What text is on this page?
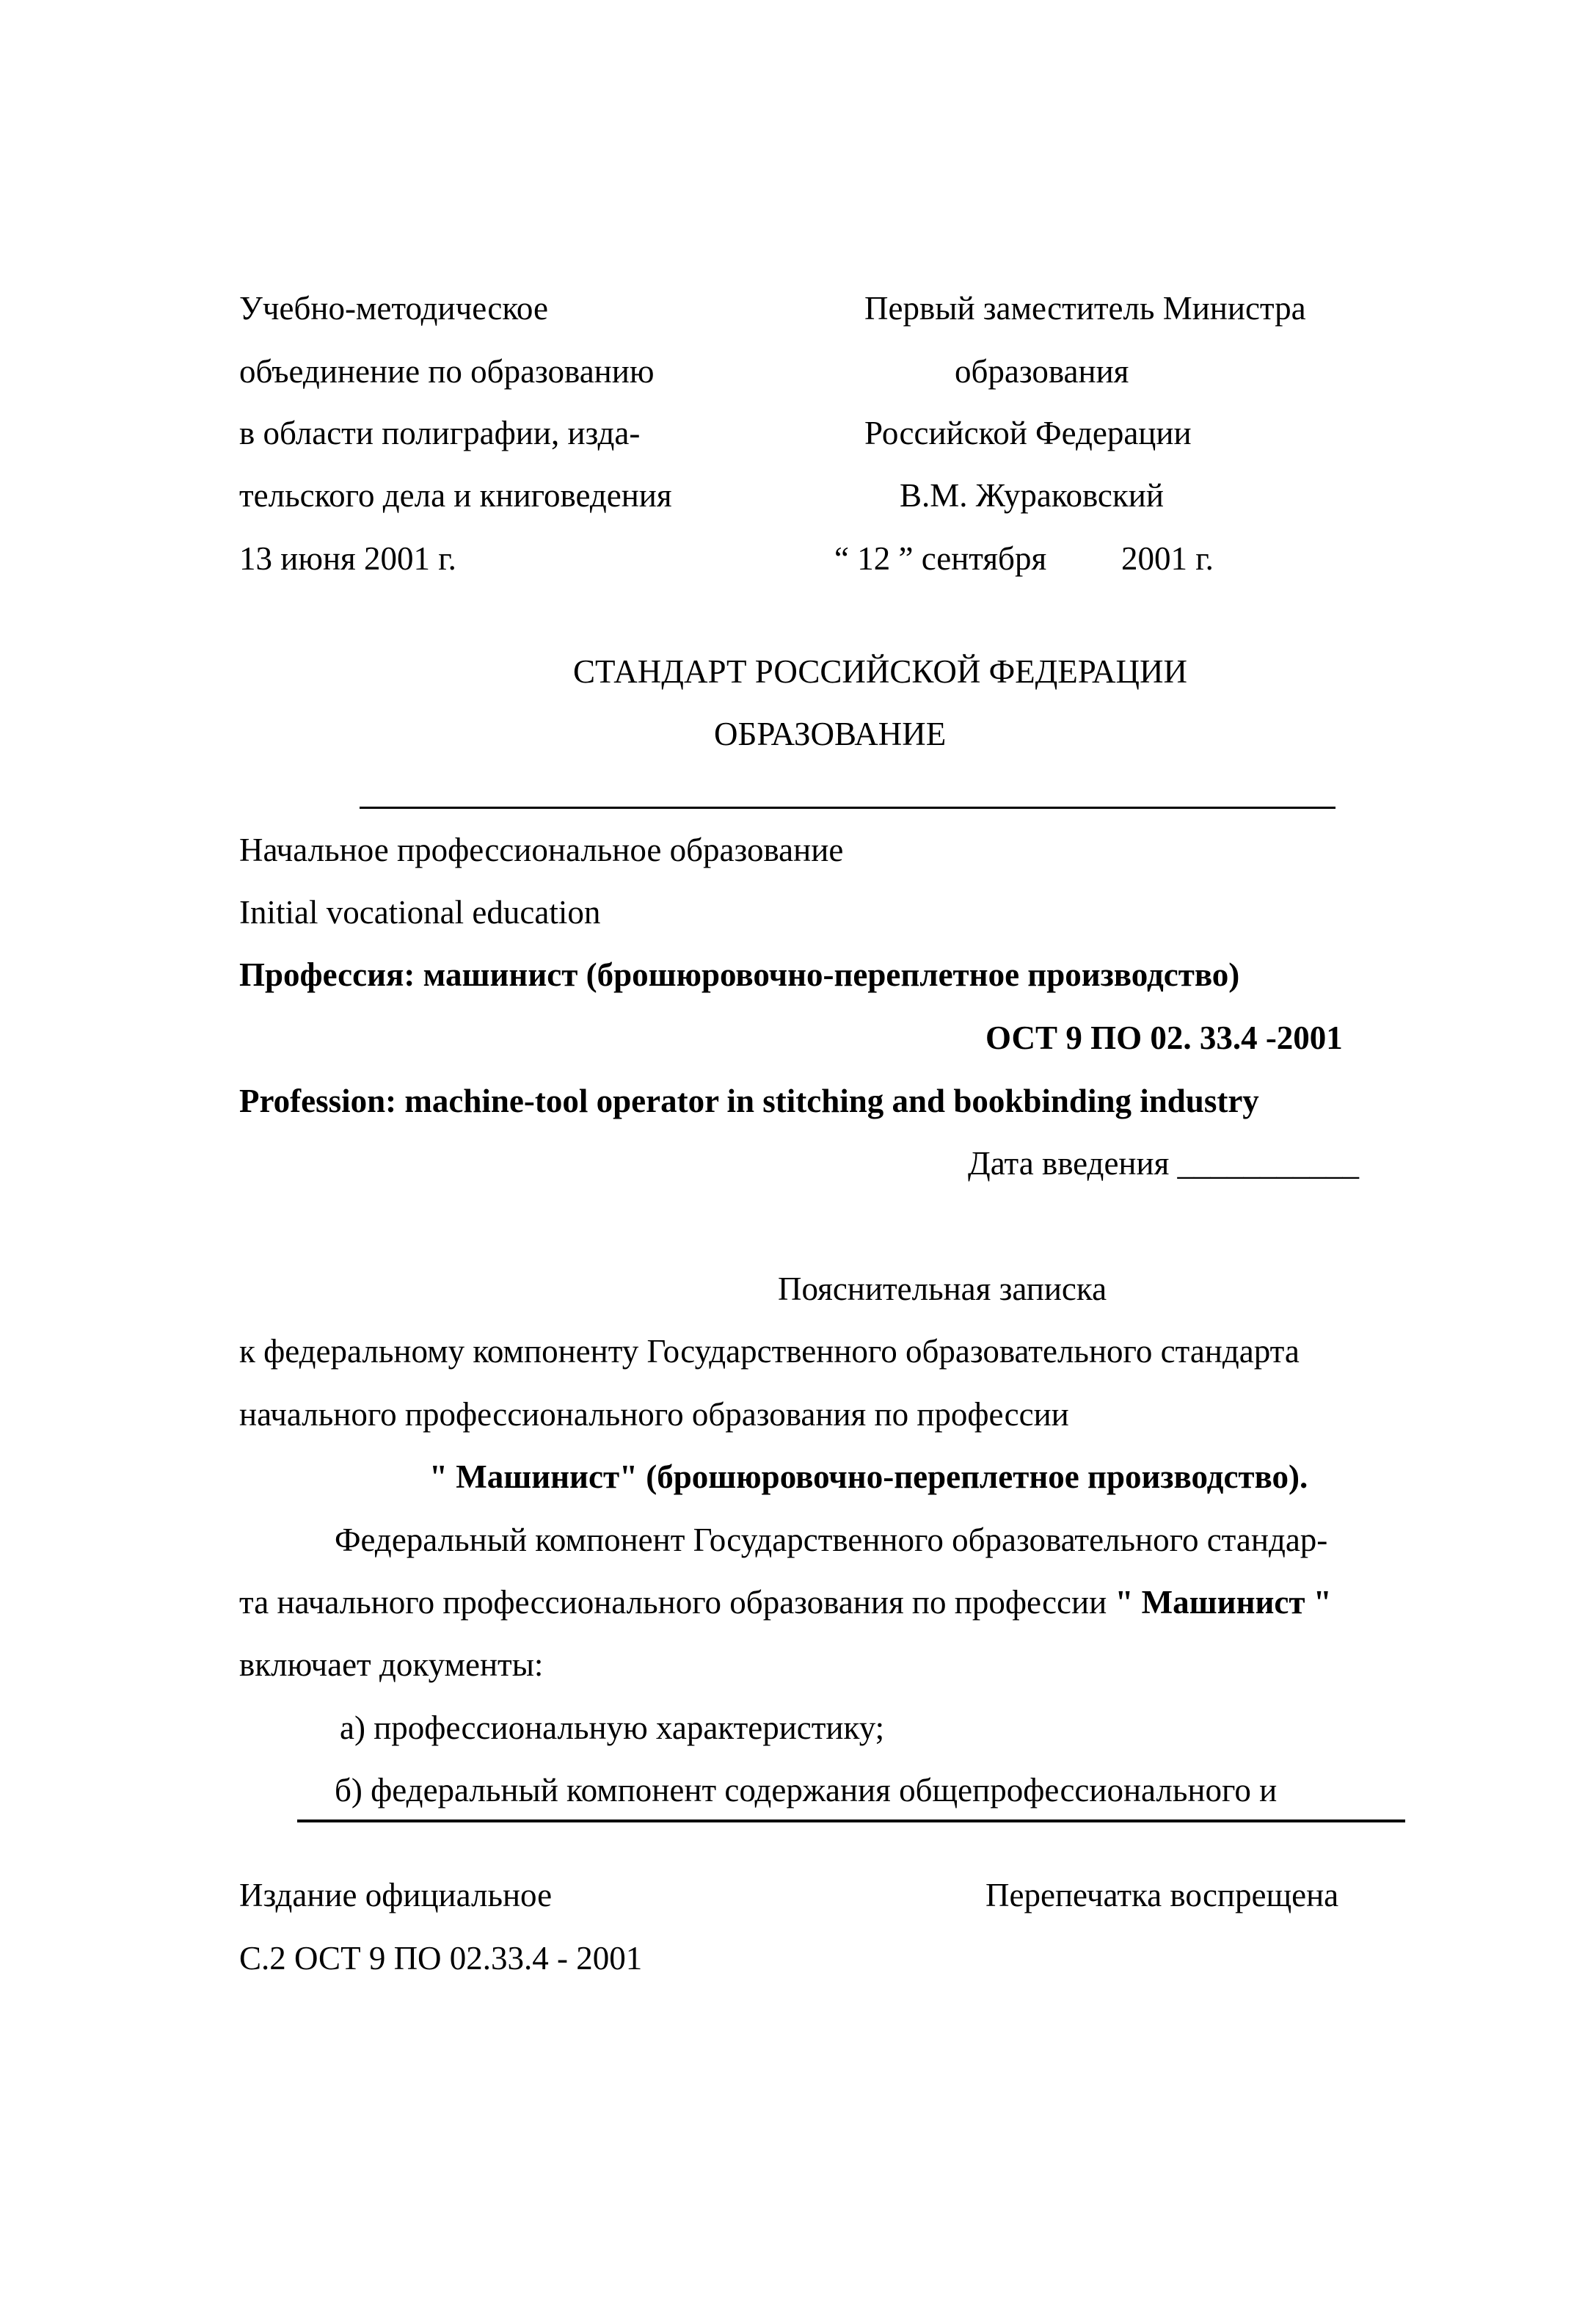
Учебно-методическое
объединение по образованию
в области полиграфии, изда-
тельского дела и книговедения
13 июня 2001 г.
Первый заместитель Министра
образования
Российской Федерации
В.М. Жураковский
“ 12 ” сентября 2001 г.
СТАНДАРТ РОССИЙСКОЙ ФЕДЕРАЦИИ
ОБРАЗОВАНИЕ
Начальное профессиональное образование
Initial vocational education
Профессия: машинист (брошюровочно-переплетное производство)
ОСТ 9 ПО 02. 33.4 -2001
Profession: machine-tool operator in stitching and bookbinding industry
Дата введения ___________
Пояснительная записка
к федеральному компоненту Государственного образовательного стандарта
начального профессионального образования по профессии
" Машинист" (брошюровочно-переплетное производство).
Федеральный компонент Государственного образовательного стандар-
та начального профессионального образования по профессии " Машинист "
включает документы:
а) профессиональную характеристику;
б) федеральный компонент содержания общепрофессионального и
Издание официальное	Перепечатка воспрещена
С.2 ОСТ 9 ПО 02.33.4 - 2001
